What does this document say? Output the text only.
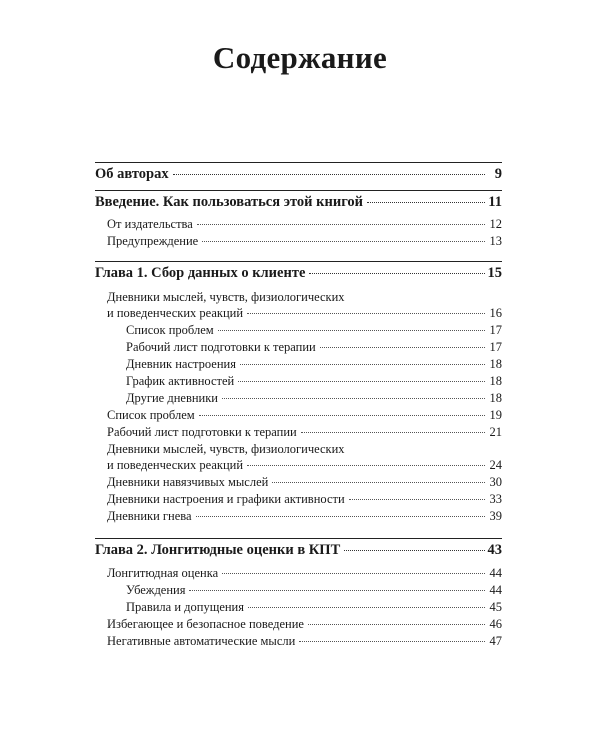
Содержание
Об авторах	9
Введение. Как пользоваться этой книгой	11
От издательства	12
Предупреждение	13
Глава 1. Сбор данных о клиенте	15
Дневники мыслей, чувств, физиологических
и поведенческих реакций	16
Список проблем	17
Рабочий лист подготовки к терапии	17
Дневник настроения	18
График активностей	18
Другие дневники	18
Список проблем	19
Рабочий лист подготовки к терапии	21
Дневники мыслей, чувств, физиологических
и поведенческих реакций	24
Дневники навязчивых мыслей	30
Дневники настроения и графики активности	33
Дневники гнева	39
Глава 2. Лонгитюдные оценки в КПТ	43
Лонгитюдная оценка	44
Убеждения	44
Правила и допущения	45
Избегающее и безопасное поведение	46
Негативные автоматические мысли	47
